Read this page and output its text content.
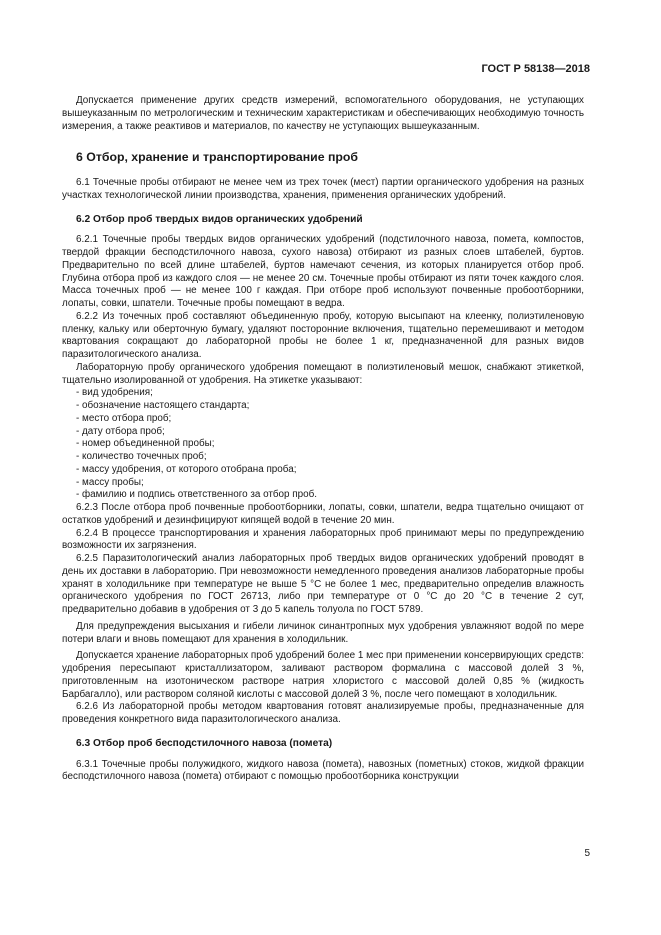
ГОСТ Р 58138—2018

Допускается применение других средств измерений, вспомогательного оборудования, не уступающих вышеуказанным по метрологическим и техническим характеристикам и обеспечивающих необходимую точность измерения, а также реактивов и материалов, по качеству не уступающих вышеуказанным.

6 Отбор, хранение и транспортирование проб

6.1 Точечные пробы отбирают не менее чем из трех точек (мест) партии органического удобрения на разных участках технологической линии производства, хранения, применения органических удобрений.

6.2 Отбор проб твердых видов органических удобрений

6.2.1 Точечные пробы твердых видов органических удобрений (подстилочного навоза, помета, компостов, твердой фракции бесподстилочного навоза, сухого навоза) отбирают из разных слоев штабелей, буртов. Предварительно по всей длине штабелей, буртов намечают сечения, из которых планируется отбор проб. Глубина отбора проб из каждого слоя — не менее 20 см. Точечные пробы отбирают из пяти точек каждого слоя. Масса точечных проб — не менее 100 г каждая. При отборе проб используют почвенные пробоотборники, лопаты, совки, шпатели. Точечные пробы помещают в ведра.

6.2.2 Из точечных проб составляют объединенную пробу, которую высыпают на клеенку, полиэтиленовую пленку, кальку или оберточную бумагу, удаляют посторонние включения, тщательно перемешивают и методом квартования сокращают до лабораторной пробы не более 1 кг, предназначенной для разных видов паразитологического анализа.

Лабораторную пробу органического удобрения помещают в полиэтиленовый мешок, снабжают этикеткой, тщательно изолированной от удобрения. На этикетке указывают:

- вид удобрения;
- обозначение настоящего стандарта;
- место отбора проб;
- дату отбора проб;
- номер объединенной пробы;
- количество точечных проб;
- массу удобрения, от которого отобрана проба;
- массу пробы;
- фамилию и подпись ответственного за отбор проб.

6.2.3 После отбора проб почвенные пробоотборники, лопаты, совки, шпатели, ведра тщательно очищают от остатков удобрений и дезинфицируют кипящей водой в течение 20 мин.

6.2.4 В процессе транспортирования и хранения лабораторных проб принимают меры по предупреждению возможности их загрязнения.

6.2.5 Паразитологический анализ лабораторных проб твердых видов органических удобрений проводят в день их доставки в лабораторию. При невозможности немедленного проведения анализов лабораторные пробы хранят в холодильнике при температуре не выше 5 °С не более 1 мес, предварительно определив влажность органического удобрения по ГОСТ 26713, либо при температуре от 0 °С до 20 °С в течение 2 сут, предварительно добавив в удобрения от 3 до 5 капель толуола по ГОСТ 5789.

Для предупреждения высыхания и гибели личинок синантропных мух удобрения увлажняют водой по мере потери влаги и вновь помещают для хранения в холодильник.

Допускается хранение лабораторных проб удобрений более 1 мес при применении консервирующих средств: удобрения пересыпают кристаллизатором, заливают раствором формалина с массовой долей 3 %, приготовленным на изотоническом растворе натрия хлористого с массовой долей 0,85 % (жидкость Барбагалло), или раствором соляной кислоты с массовой долей 3 %, после чего помещают в холодильник.

6.2.6 Из лабораторной пробы методом квартования готовят анализируемые пробы, предназначенные для проведения конкретного вида паразитологического анализа.

6.3 Отбор проб бесподстилочного навоза (помета)

6.3.1 Точечные пробы полужидкого, жидкого навоза (помета), навозных (пометных) стоков, жидкой фракции бесподстилочного навоза (помета) отбирают с помощью пробоотборника конструкции

5
